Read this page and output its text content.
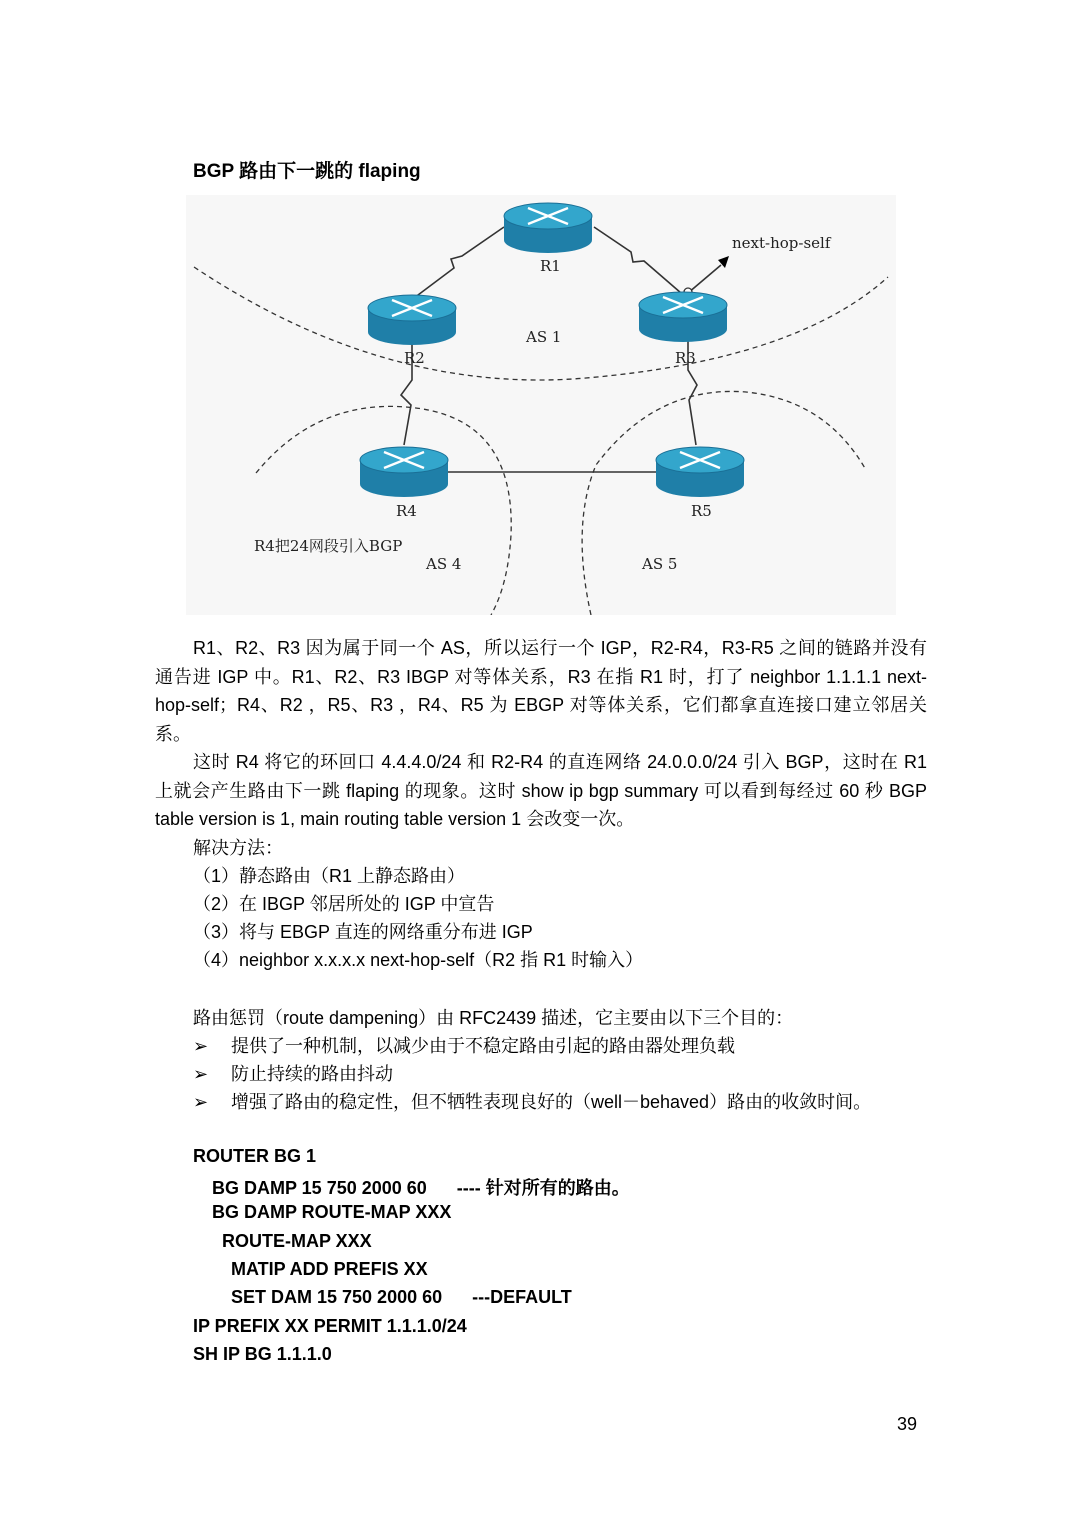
BGP 路由下一跳的 flaping
R1
R2	R3
R4	R5
AS 1
AS 4	AS 5
next-hop-self
R4把24网段引入BGP
R1、R2、R3 因为属于同一个 AS，所以运行一个 IGP，R2-R4，R3-R5 之间的链路并没有通告进 IGP 中。R1、R2、R3 IBGP 对等体关系，R3 在指 R1 时，打了 neighbor 1.1.1.1 next-hop-self；R4、R2 ，R5、R3 ，R4、R5 为 EBGP 对等体关系，它们都拿直连接口建立邻居关系。
这时 R4 将它的环回口 4.4.4.0/24 和 R2-R4 的直连网络 24.0.0.0/24 引入 BGP，这时在 R1 上就会产生路由下一跳 flaping 的现象。这时 show ip bgp summary 可以看到每经过 60 秒 BGP table version is 1, main routing table version 1 会改变一次。
解决方法：
（1）静态路由（R1 上静态路由）
（2）在 IBGP 邻居所处的 IGP 中宣告
（3）将与 EBGP 直连的网络重分布进 IGP
（4）neighbor x.x.x.x next-hop-self（R2 指 R1 时输入）
路由惩罚（route dampening）由 RFC2439 描述，它主要由以下三个目的：
➢ 提供了一种机制，以减少由于不稳定路由引起的路由器处理负载
➢ 防止持续的路由抖动
➢ 增强了路由的稳定性，但不牺牲表现良好的（well－behaved）路由的收敛时间。
ROUTER BG 1
BG DAMP 15 750 2000 60      ---- 针对所有的路由。
BG DAMP ROUTE-MAP XXX
ROUTE-MAP XXX
MATIP ADD PREFIS XX
SET DAM 15 750 2000 60      ---DEFAULT
IP PREFIX XX PERMIT 1.1.1.0/24
SH IP BG 1.1.1.0
39
